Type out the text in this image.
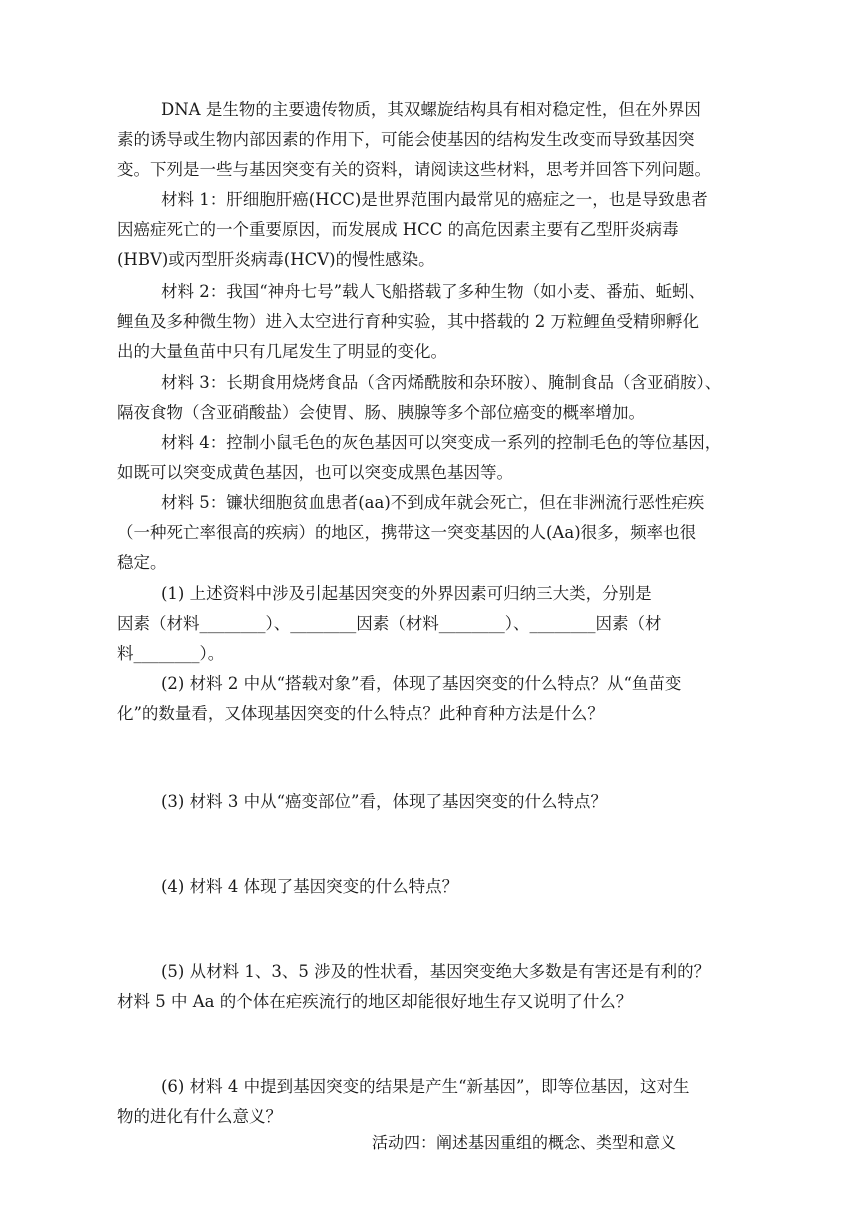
DNA 是生物的主要遗传物质，其双螺旋结构具有相对稳定性，但在外界因
素的诱导或生物内部因素的作用下，可能会使基因的结构发生改变而导致基因突
变。下列是一些与基因突变有关的资料，请阅读这些材料，思考并回答下列问题。
材料 1：肝细胞肝癌(HCC)是世界范围内最常见的癌症之一，也是导致患者
因癌症死亡的一个重要原因，而发展成 HCC 的高危因素主要有乙型肝炎病毒
(HBV)或丙型肝炎病毒(HCV)的慢性感染。
材料 2：我国“神舟七号”载人飞船搭载了多种生物（如小麦、番茄、蚯蚓、
鲤鱼及多种微生物）进入太空进行育种实验，其中搭载的 2 万粒鲤鱼受精卵孵化
出的大量鱼苗中只有几尾发生了明显的变化。
材料 3：长期食用烧烤食品（含丙烯酰胺和杂环胺）、腌制食品（含亚硝胺）、
隔夜食物（含亚硝酸盐）会使胃、肠、胰腺等多个部位癌变的概率增加。
材料 4：控制小鼠毛色的灰色基因可以突变成一系列的控制毛色的等位基因，
如既可以突变成黄色基因，也可以突变成黑色基因等。
材料 5：镰状细胞贫血患者(aa)不到成年就会死亡，但在非洲流行恶性疟疾
（一种死亡率很高的疾病）的地区，携带这一突变基因的人(Aa)很多，频率也很
稳定。
(1) 上述资料中涉及引起基因突变的外界因素可归纳三大类，分别是
因素（材料________）、________因素（材料________）、________因素（材
料________）。
(2) 材料 2 中从“搭载对象”看，体现了基因突变的什么特点？从“鱼苗变
化”的数量看，又体现基因突变的什么特点？此种育种方法是什么？
(3) 材料 3 中从“癌变部位”看，体现了基因突变的什么特点？
(4) 材料 4 体现了基因突变的什么特点？
(5) 从材料 1、3、5 涉及的性状看，基因突变绝大多数是有害还是有利的？
材料 5 中 Aa 的个体在疟疾流行的地区却能很好地生存又说明了什么？
(6) 材料 4 中提到基因突变的结果是产生“新基因”，即等位基因，这对生
物的进化有什么意义？
活动四：阐述基因重组的概念、类型和意义
